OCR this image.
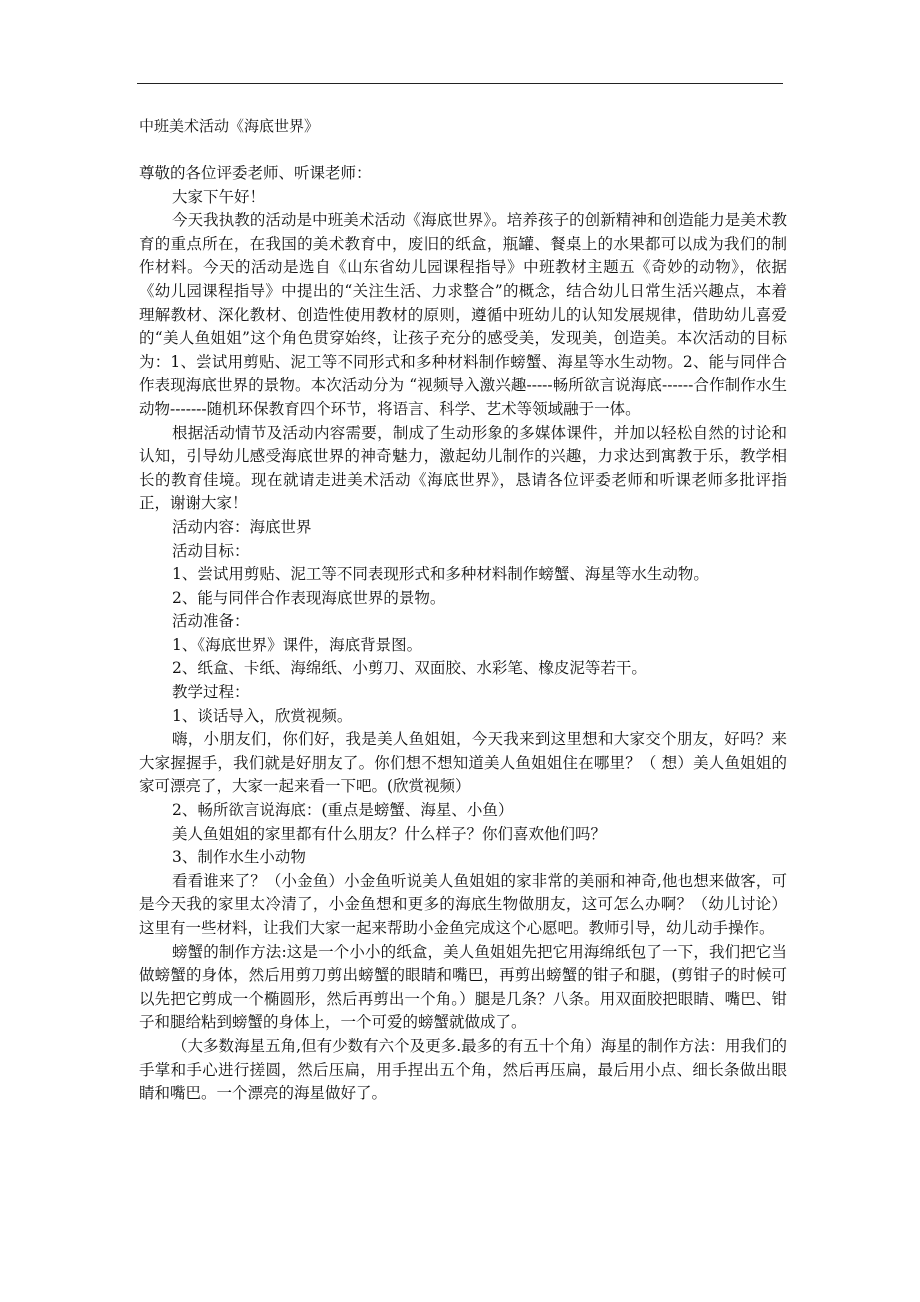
中班美术活动《海底世界》

尊敬的各位评委老师、听课老师：

大家下午好！

今天我执教的活动是中班美术活动《海底世界》。培养孩子的创新精神和创造能力是美术教育的重点所在，在我国的美术教育中，废旧的纸盒，瓶罐、餐桌上的水果都可以成为我们的制作材料。今天的活动是选自《山东省幼儿园课程指导》中班教材主题五《奇妙的动物》，依据《幼儿园课程指导》中提出的“关注生活、力求整合”的概念，结合幼儿日常生活兴趣点，本着理解教材、深化教材、创造性使用教材的原则，遵循中班幼儿的认知发展规律，借助幼儿喜爱的“美人鱼姐姐”这个角色贯穿始终，让孩子充分的感受美，发现美，创造美。本次活动的目标为：1、尝试用剪贴、泥工等不同形式和多种材料制作螃蟹、海星等水生动物。2、能与同伴合作表现海底世界的景物。本次活动分为 “视频导入激兴趣-----畅所欲言说海底------合作制作水生动物-------随机环保教育四个环节，将语言、科学、艺术等领域融于一体。

根据活动情节及活动内容需要，制成了生动形象的多媒体课件，并加以轻松自然的讨论和认知，引导幼儿感受海底世界的神奇魅力，激起幼儿制作的兴趣，力求达到寓教于乐，教学相长的教育佳境。现在就请走进美术活动《海底世界》，恳请各位评委老师和听课老师多批评指正，谢谢大家！

活动内容：海底世界

活动目标：

1、尝试用剪贴、泥工等不同表现形式和多种材料制作螃蟹、海星等水生动物。

2、能与同伴合作表现海底世界的景物。

活动准备：

1、《海底世界》课件，海底背景图。

2、纸盒、卡纸、海绵纸、小剪刀、双面胶、水彩笔、橡皮泥等若干。

教学过程：

1、谈话导入，欣赏视频。

嗨，小朋友们，你们好，我是美人鱼姐姐，今天我来到这里想和大家交个朋友，好吗？来大家握握手，我们就是好朋友了。你们想不想知道美人鱼姐姐住在哪里？（ 想）美人鱼姐姐的家可漂亮了，大家一起来看一下吧。(欣赏视频）

2、畅所欲言说海底：(重点是螃蟹、海星、小鱼）

美人鱼姐姐的家里都有什么朋友？什么样子？你们喜欢他们吗？

3、制作水生小动物

看看谁来了？（小金鱼）小金鱼听说美人鱼姐姐的家非常的美丽和神奇,他也想来做客，可是今天我的家里太冷清了，小金鱼想和更多的海底生物做朋友，这可怎么办啊？（幼儿讨论）这里有一些材料，让我们大家一起来帮助小金鱼完成这个心愿吧。教师引导，幼儿动手操作。

螃蟹的制作方法:这是一个小小的纸盒，美人鱼姐姐先把它用海绵纸包了一下，我们把它当做螃蟹的身体，然后用剪刀剪出螃蟹的眼睛和嘴巴，再剪出螃蟹的钳子和腿，(剪钳子的时候可以先把它剪成一个椭圆形，然后再剪出一个角。）腿是几条？八条。用双面胶把眼睛、嘴巴、钳子和腿给粘到螃蟹的身体上，一个可爱的螃蟹就做成了。

（大多数海星五角,但有少数有六个及更多.最多的有五十个角）海星的制作方法：用我们的手掌和手心进行搓圆，然后压扁，用手捏出五个角，然后再压扁，最后用小点、细长条做出眼睛和嘴巴。一个漂亮的海星做好了。
